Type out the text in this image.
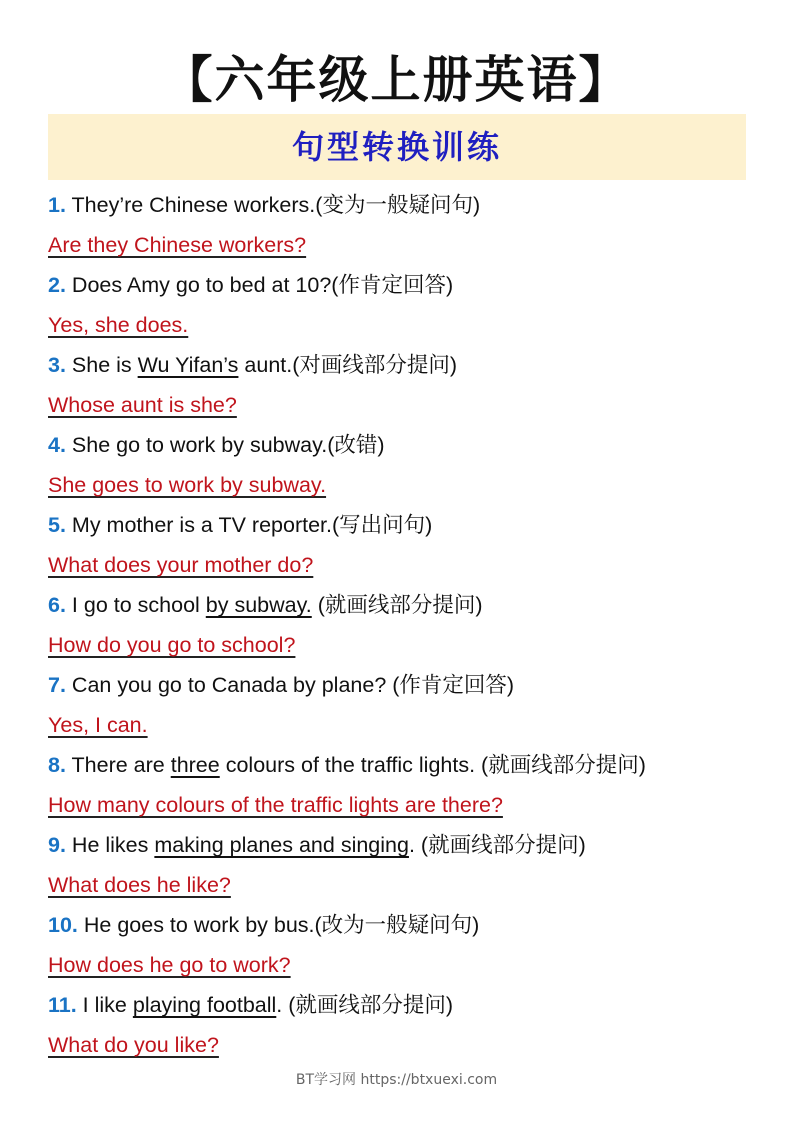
【六年级上册英语】
句型转换训练
1. They’re Chinese workers.(变为一般疑问句)
Are they Chinese workers?
2. Does Amy go to bed at 10?(作肯定回答)
Yes, she does.
3. She is Wu Yifan’s aunt.(对画线部分提问)
Whose aunt is she?
4. She go to work by subway.(改错)
She goes to work by subway.
5. My mother is a TV reporter.(写出问句)
What does your mother do?
6. I go to school by subway. (就画线部分提问)
How do you go to school?
7. Can you go to Canada by plane? (作肯定回答)
Yes, I can.
8. There are three colours of the traffic lights. (就画线部分提问)
How many colours of the traffic lights are there?
9. He likes making planes and singing. (就画线部分提问)
What does he like?
10. He goes to work by bus.(改为一般疑问句)
How does he go to work?
11. I like playing football. (就画线部分提问)
What do you like?
BT学习网 https://btxuexi.com
